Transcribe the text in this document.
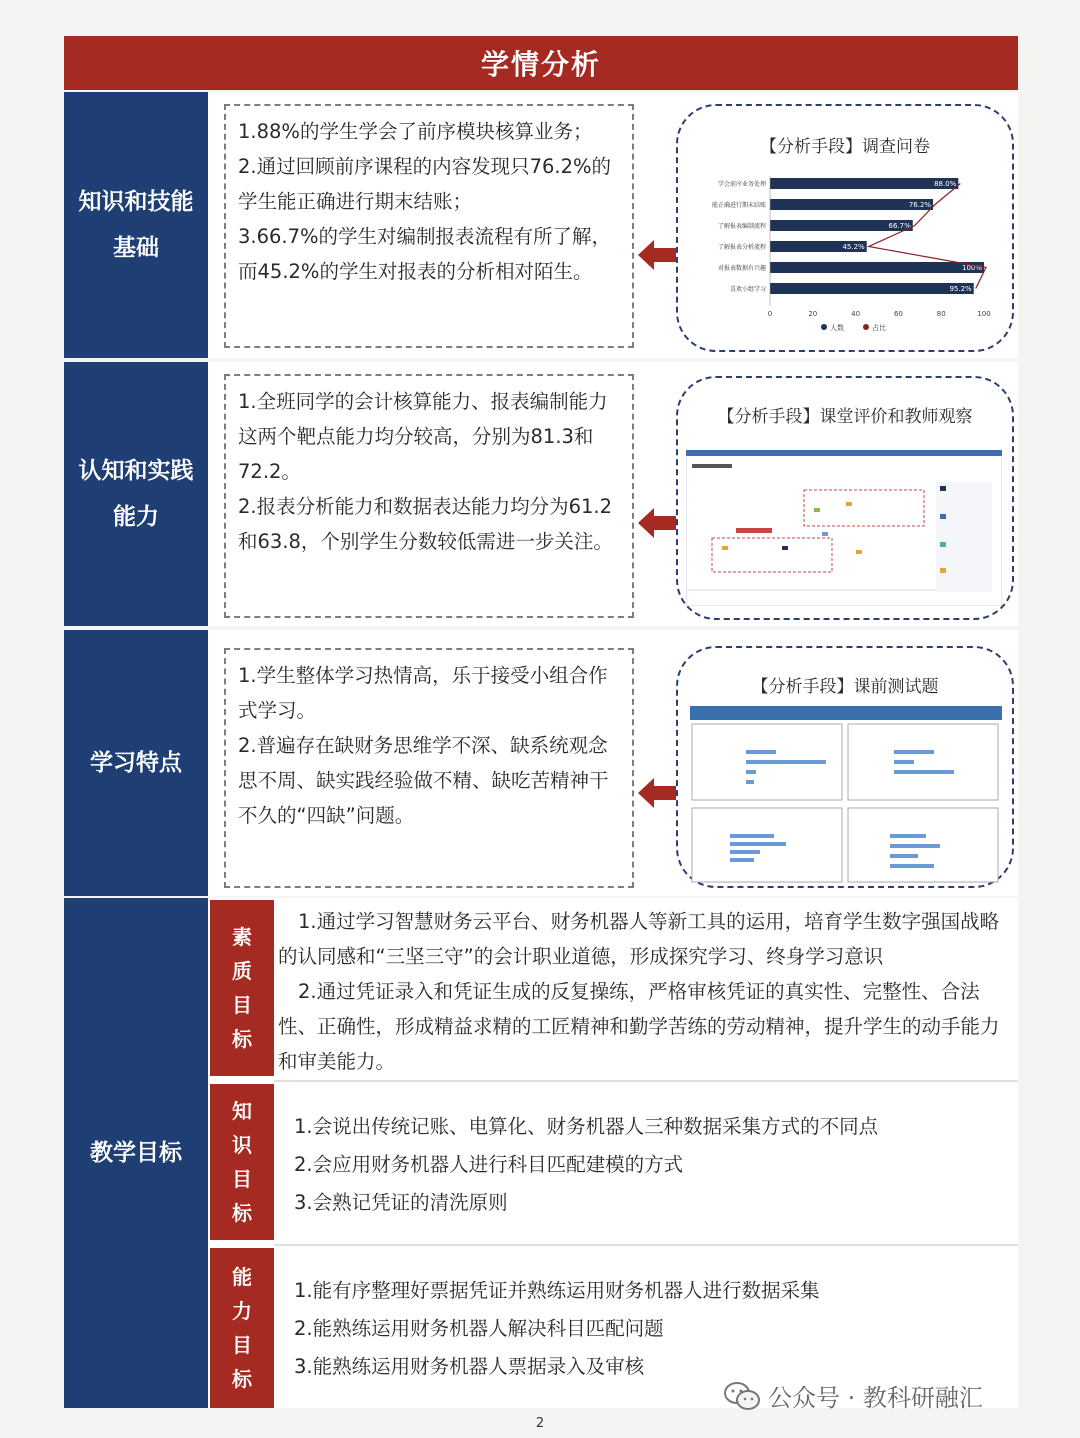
学情分析
知识和技能基础

1.88%的学生学会了前序模块核算业务；

2.通过回顾前序课程的内容发现只76.2%的学生能正确进行期末结账；

3.66.7%的学生对编制报表流程有所了解，而45.2%的学生对报表的分析相对陌生。

【分析手段】调查问卷
学会前序业务处理	88.0%
能正确进行期末结账	76.2%
了解报表编制流程	66.7%
了解报表分析流程	45.2%
对报表数据有兴趣	100%
喜欢小组学习	95.2%
0	20	40	60	80	100
人数	占比
认知和实践能力

1.全班同学的会计核算能力、报表编制能力这两个靶点能力均分较高，分别为81.3和72.2。

2.报表分析能力和数据表达能力均分为61.2和63.8，个别学生分数较低需进一步关注。

【分析手段】课堂评价和教师观察
学习特点

1.学生整体学习热情高，乐于接受小组合作式学习。

2.普遍存在缺财务思维学不深、缺系统观念思不周、缺实践经验做不精、缺吃苦精神干不久的“四缺”问题。

【分析手段】课前测试题
教学目标
素
质
目
标

1.通过学习智慧财务云平台、财务机器人等新工具的运用，培育学生数字强国战略的认同感和“三坚三守”的会计职业道德，形成探究学习、终身学习意识

2.通过凭证录入和凭证生成的反复操练，严格审核凭证的真实性、完整性、合法性、正确性，形成精益求精的工匠精神和勤学苦练的劳动精神，提升学生的动手能力和审美能力。

知
识
目
标

1.会说出传统记账、电算化、财务机器人三种数据采集方式的不同点

2.会应用财务机器人进行科目匹配建模的方式

3.会熟记凭证的清洗原则

能
力
目
标

1.能有序整理好票据凭证并熟练运用财务机器人进行数据采集

2.能熟练运用财务机器人解决科目匹配问题

3.能熟练运用财务机器人票据录入及审核

公众号 · 教科研融汇
2
